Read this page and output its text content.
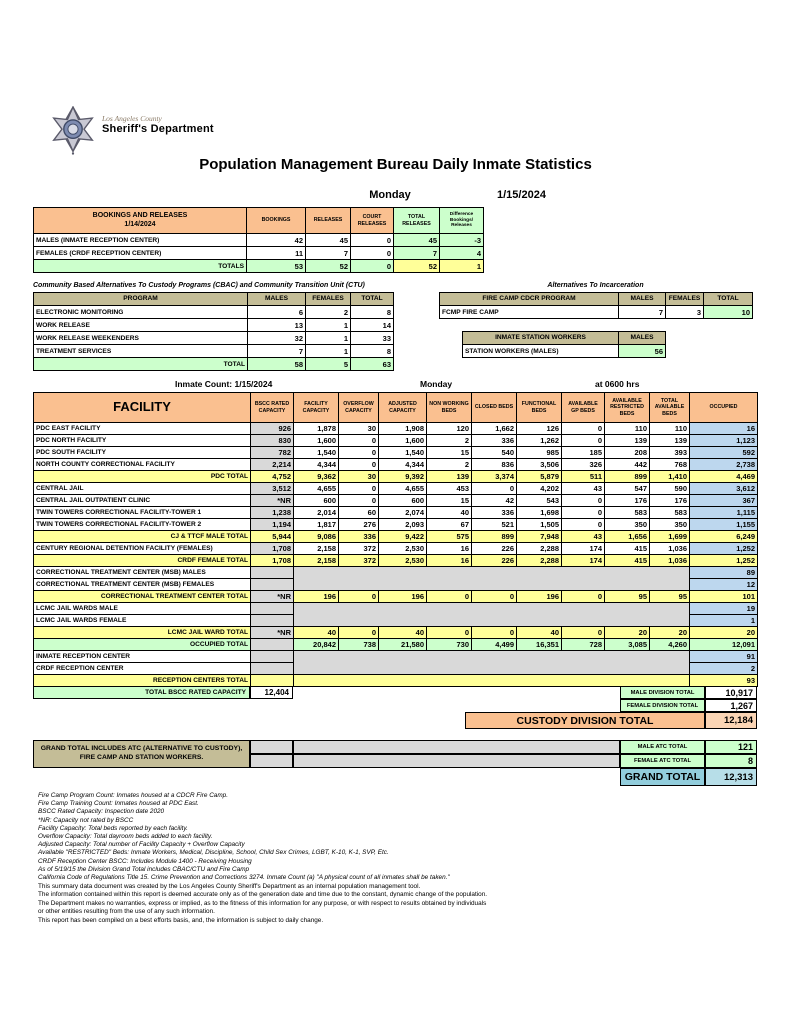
Los Angeles County
Sheriff's Department
Population Management Bureau Daily Inmate Statistics
Monday	1/15/2024
BOOKINGS AND RELEASES
1/14/2024	BOOKINGS	RELEASES	COURT RELEASES	TOTAL RELEASES	Difference Bookings/ Releases
MALES (INMATE RECEPTION CENTER)	42	45	0	45	-3
FEMALES (CRDF RECEPTION CENTER)	11	7	0	7	4
TOTALS	53	52	0	52	1
Community Based Alternatives To Custody Programs (CBAC) and Community Transition Unit (CTU)
PROGRAM	MALES	FEMALES	TOTAL
ELECTRONIC MONITORING	6	2	8
WORK RELEASE	13	1	14
WORK RELEASE WEEKENDERS	32	1	33
TREATMENT SERVICES	7	1	8
TOTAL	58	5	63
Alternatives To Incarceration
FIRE CAMP CDCR PROGRAM	MALES	FEMALES	TOTAL
FCMP FIRE CAMP	7	3	10
INMATE STATION WORKERS	MALES
STATION WORKERS (MALES)	56
Inmate Count: 1/15/2024	Monday	at 0600 hrs
FACILITY	BSCC RATED CAPACITY	FACILITY CAPACITY	OVERFLOW CAPACITY	ADJUSTED CAPACITY	NON WORKING BEDS	CLOSED BEDS	FUNCTIONAL BEDS	AVAILABLE GP BEDS	AVAILABLE RESTRICTED BEDS	TOTAL AVAILABLE BEDS	OCCUPIED
PDC EAST FACILITY	926	1,878	30	1,908	120	1,662	126	0	110	110	16
PDC NORTH FACILITY	830	1,600	0	1,600	2	336	1,262	0	139	139	1,123
PDC SOUTH FACILITY	782	1,540	0	1,540	15	540	985	185	208	393	592
NORTH COUNTY CORRECTIONAL FACILITY	2,214	4,344	0	4,344	2	836	3,506	326	442	768	2,738
PDC TOTAL	4,752	9,362	30	9,392	139	3,374	5,879	511	899	1,410	4,469
CENTRAL JAIL	3,512	4,655	0	4,655	453	0	4,202	43	547	590	3,612
CENTRAL JAIL OUTPATIENT CLINIC	*NR	600	0	600	15	42	543	0	176	176	367
TWIN TOWERS CORRECTIONAL FACILITY-TOWER 1	1,238	2,014	60	2,074	40	336	1,698	0	583	583	1,115
TWIN TOWERS CORRECTIONAL FACILITY-TOWER 2	1,194	1,817	276	2,093	67	521	1,505	0	350	350	1,155
CJ & TTCF MALE TOTAL	5,944	9,086	336	9,422	575	899	7,948	43	1,656	1,699	6,249
CENTURY REGIONAL DETENTION FACILITY (FEMALES)	1,708	2,158	372	2,530	16	226	2,288	174	415	1,036	1,252
CRDF FEMALE TOTAL	1,708	2,158	372	2,530	16	226	2,288	174	415	1,036	1,252
CORRECTIONAL TREATMENT CENTER (MSB) MALES											89
CORRECTIONAL TREATMENT CENTER (MSB) FEMALES											12
CORRECTIONAL TREATMENT CENTER TOTAL	*NR	196	0	196	0	0	196	0	95	95	101
LCMC JAIL WARDS MALE											19
LCMC JAIL WARDS FEMALE											1
LCMC JAIL WARD TOTAL	*NR	40	0	40	0	0	40	0	20	20	20
OCCUPIED TOTAL		20,842	738	21,580	730	4,499	16,351	728	3,085	4,260	12,091
INMATE RECEPTION CENTER											91
CRDF RECEPTION CENTER											2
RECEPTION CENTERS TOTAL											93
TOTAL BSCC RATED CAPACITY	12,404	MALE DIVISION TOTAL	10,917
FEMALE DIVISION TOTAL	1,267
CUSTODY DIVISION TOTAL	12,184
GRAND TOTAL INCLUDES ATC (ALTERNATIVE TO CUSTODY), FIRE CAMP AND STATION WORKERS.
MALE ATC TOTAL	121
FEMALE ATC TOTAL	8
GRAND TOTAL	12,313
Fire Camp Program Count: Inmates housed at a CDCR Fire Camp.
Fire Camp Training Count: Inmates housed at PDC East.
BSCC Rated Capacity: Inspection date 2020
*NR: Capacity not rated by BSCC
Facility Capacity: Total beds reported by each facility.
Overflow Capacity: Total dayroom beds added to each facility.
Adjusted Capacity: Total number of Facility Capacity + Overflow Capacity
Available "RESTRICTED" Beds: Inmate Workers, Medical, Discipline, School, Child Sex Crimes, LGBT, K-10, K-1, SVP, Etc.
CRDF Reception Center BSCC: Includes Module 1400 - Receiving Housing
As of 5/19/15 the Division Grand Total includes CBAC/CTU and Fire Camp
California Code of Regulations Title 15. Crime Prevention and Corrections 3274. Inmate Count (a) "A physical count of all inmates shall be taken."
This summary data document was created by the Los Angeles County Sheriff's Department as an internal population management tool.
The information contained within this report is deemed accurate only as of the generation date and time due to the constant, dynamic change of the population.
The Department makes no warranties, express or implied, as to the fitness of this information for any purpose, or with respect to results obtained by individuals
or other entities resulting from the use of any such information.
This report has been compiled on a best efforts basis, and, the information is subject to daily change.
